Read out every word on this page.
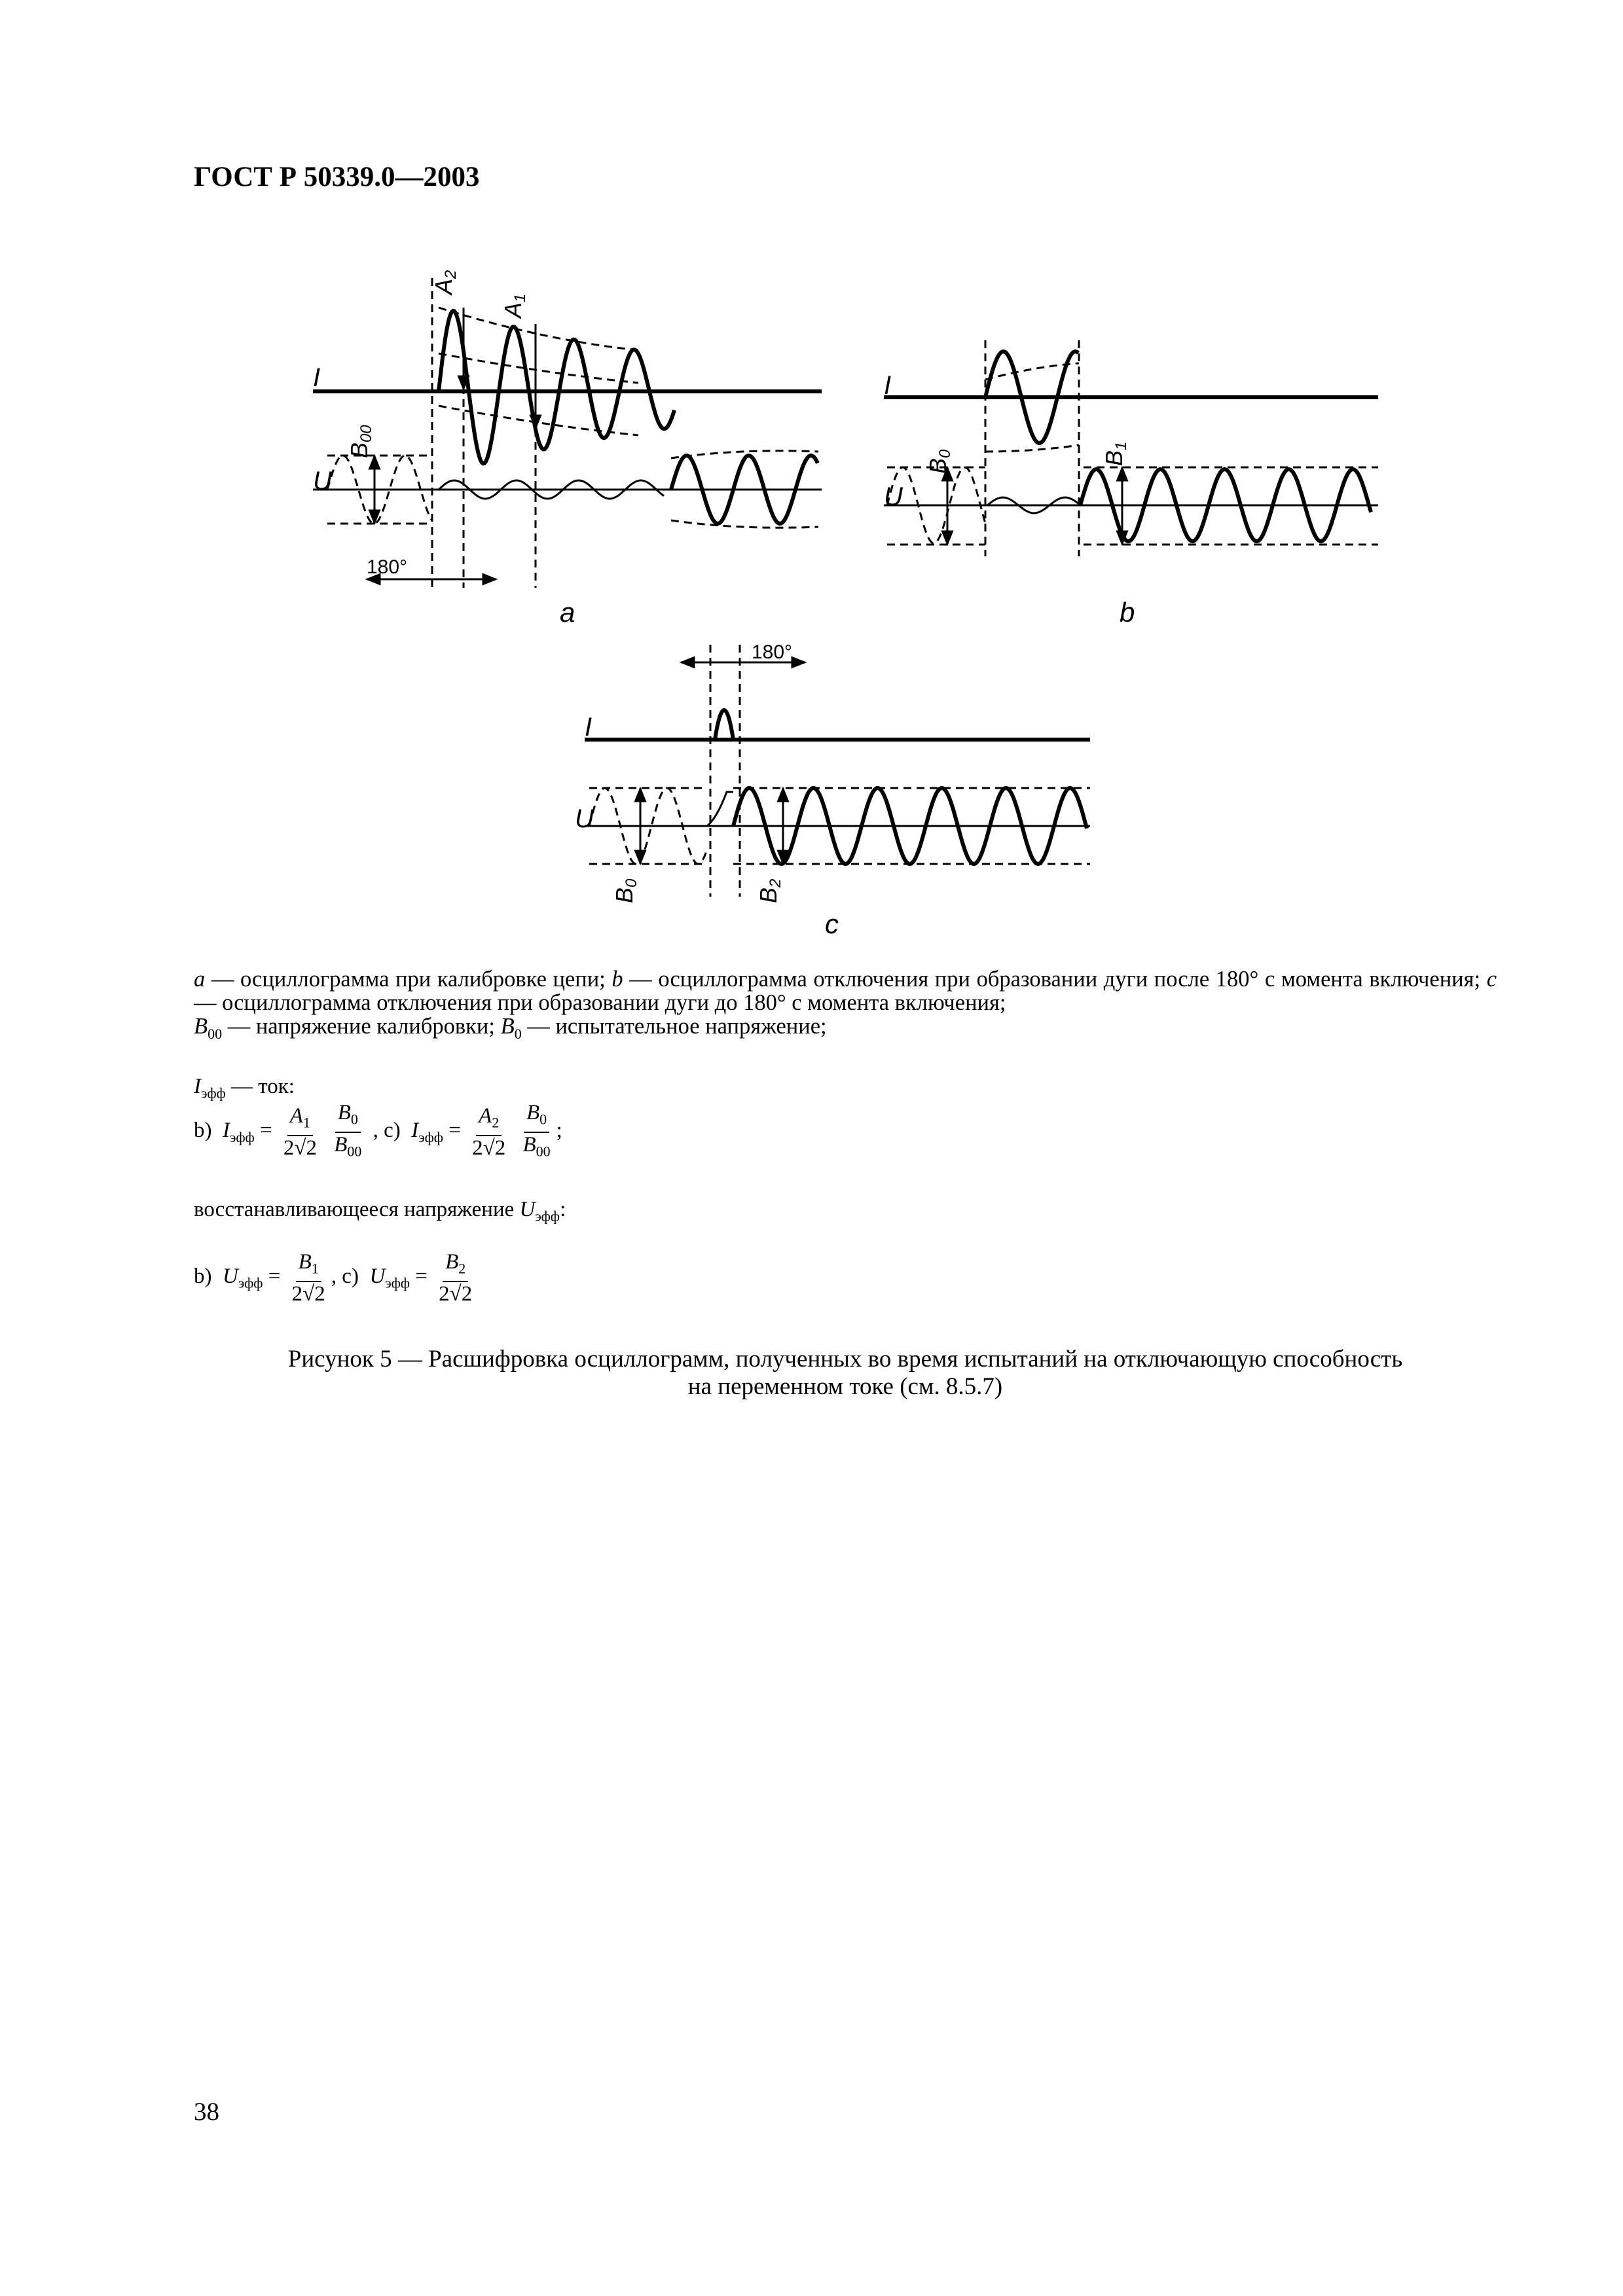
ГОСТ Р 50339.0—2003
I
U
A2
A1
B00
180°
a
I
U
B0	B1
b
180°
I
U
B0
B2
c

a — осциллограмма при калибровке цепи; b — осциллограмма отключения при образовании дуги после 180° с момента включения; c — осциллограмма отключения при образовании дуги до 180° с момента включения;

$B_{00}$ — напряжение калибровки; $B_0$ — испытательное напряжение;

$I_{эфф}$ — ток:
b) $I_{эфф} = \frac{A_1}{2√2}$
$\frac{B_0}{B_{00}}$ , c) $I_{эфф} = \frac{A_2}{2√2}$
$\frac{B_0}{B_{00}}$ ;
восстанавливающееся напряжение $U_{эфф}$:
b) $U_{эфф} = \frac{B_1}{2√2}$ , c) $U_{эфф} = \frac{B_2}{2√2}$
Рисунок 5 — Расшифровка осциллограмм, полученных во время испытаний на отключающую способность
на переменном токе (см. 8.5.7)
38
